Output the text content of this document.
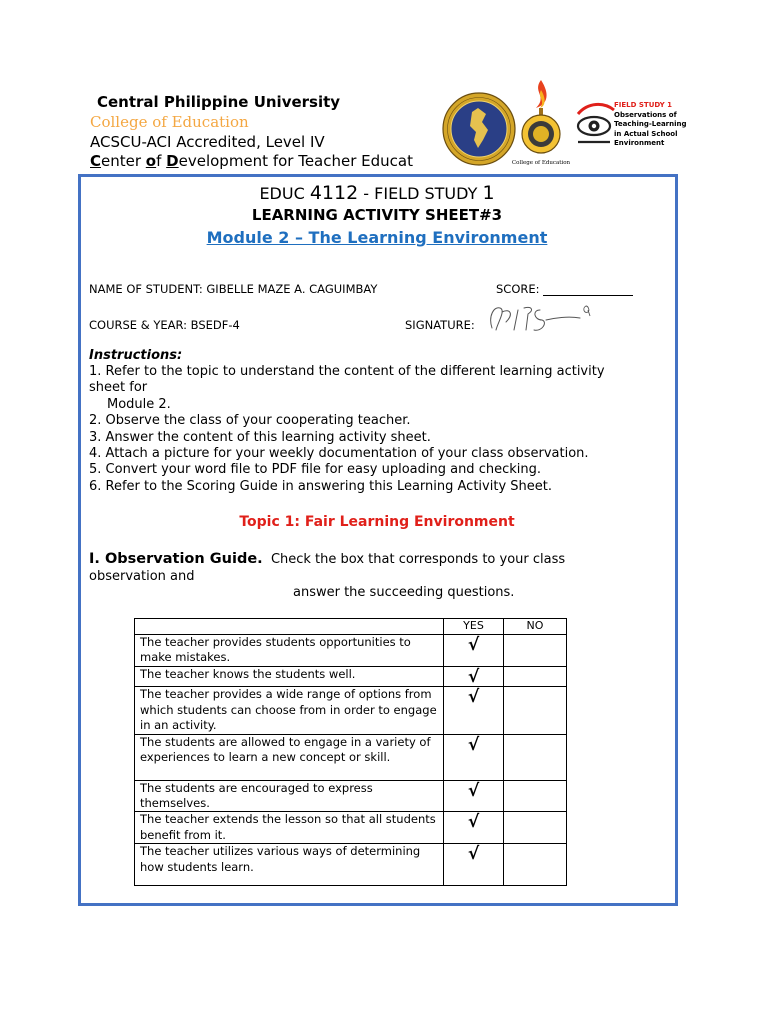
Central Philippine University
College of Education
ACSCU-ACI Accredited, Level IV
Center of Development for Teacher Educat	College of Education
FIELD STUDY 1
Observations of
Teaching-Learning
in Actual School
Environment
EDUC 4112 - FIELD STUDY 1
LEARNING ACTIVITY SHEET#3
Module 2 – The Learning Environment
NAME OF STUDENT: GIBELLE MAZE A. CAGUIMBAY	SCORE:
COURSE & YEAR: BSEDF-4	SIGNATURE:
Instructions:
1. Refer to the topic to understand the content of the different learning activity
sheet for
Module 2.
2. Observe the class of your cooperating teacher.
3. Answer the content of this learning activity sheet.
4. Attach a picture for your weekly documentation of your class observation.
5. Convert your word file to PDF file for easy uploading and checking.
6. Refer to the Scoring Guide in answering this Learning Activity Sheet.
Topic 1: Fair Learning Environment
I. Observation Guide. Check the box that corresponds to your class
observation and
answer the succeeding questions.
	YES	NO
The teacher provides students opportunities to make mistakes.	√	
The teacher knows the students well.	√	
The teacher provides a wide range of options from which students can choose from in order to engage in an activity.	√	
The students are allowed to engage in a variety of experiences to learn a new concept or skill.	√	
The students are encouraged to express themselves.	√	
The teacher extends the lesson so that all students benefit from it.	√	
The teacher utilizes various ways of determining how students learn.	√	
